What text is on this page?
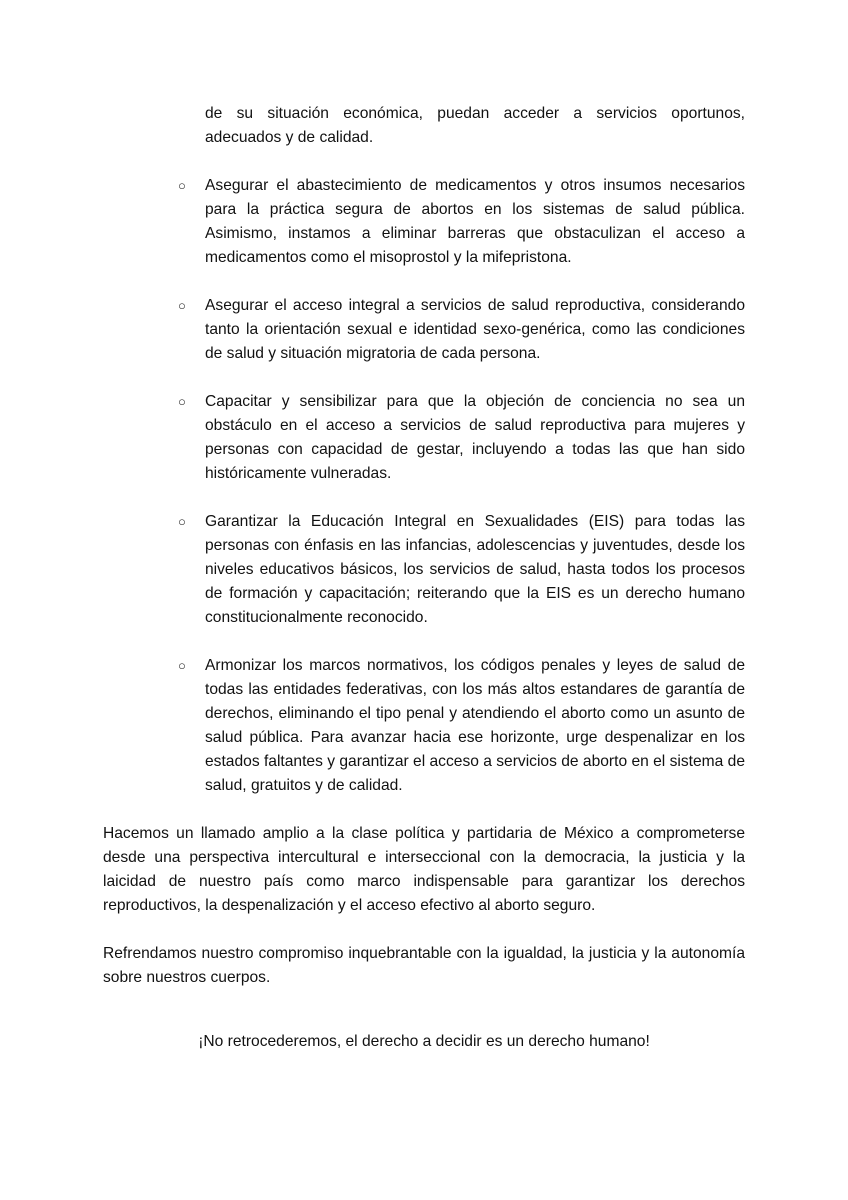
de su situación económica, puedan acceder a servicios oportunos, adecuados y de calidad.

○	Asegurar el abastecimiento de medicamentos y otros insumos necesarios para la práctica segura de abortos en los sistemas de salud pública. Asimismo, instamos a eliminar barreras que obstaculizan el acceso a medicamentos como el misoprostol y la mifepristona.

○	Asegurar el acceso integral a servicios de salud reproductiva, considerando tanto la orientación sexual e identidad sexo-genérica, como las condiciones de salud y situación migratoria de cada persona.

○	Capacitar y sensibilizar para que la objeción de conciencia no sea un obstáculo en el acceso a servicios de salud reproductiva para mujeres y personas con capacidad de gestar, incluyendo a todas las que han sido históricamente vulneradas.

○	Garantizar la Educación Integral en Sexualidades (EIS) para todas las personas con énfasis en las infancias, adolescencias y juventudes, desde los niveles educativos básicos, los servicios de salud, hasta todos los procesos de formación y capacitación; reiterando que la EIS es un derecho humano constitucionalmente reconocido.

○	Armonizar los marcos normativos, los códigos penales y leyes de salud de todas las entidades federativas, con los más altos estandares de garantía de derechos, eliminando el tipo penal y atendiendo el aborto como un asunto de salud pública. Para avanzar hacia ese horizonte, urge despenalizar en los estados faltantes y garantizar el acceso a servicios de aborto en el sistema de salud, gratuitos y de calidad.

Hacemos un llamado amplio a la clase política y partidaria de México a comprometerse desde una perspectiva intercultural e interseccional con la democracia, la justicia y la laicidad de nuestro país como marco indispensable para garantizar los derechos reproductivos, la despenalización y el acceso efectivo al aborto seguro.

Refrendamos nuestro compromiso inquebrantable con la igualdad, la justicia y la autonomía sobre nuestros cuerpos.

¡No retrocederemos, el derecho a decidir es un derecho humano!
